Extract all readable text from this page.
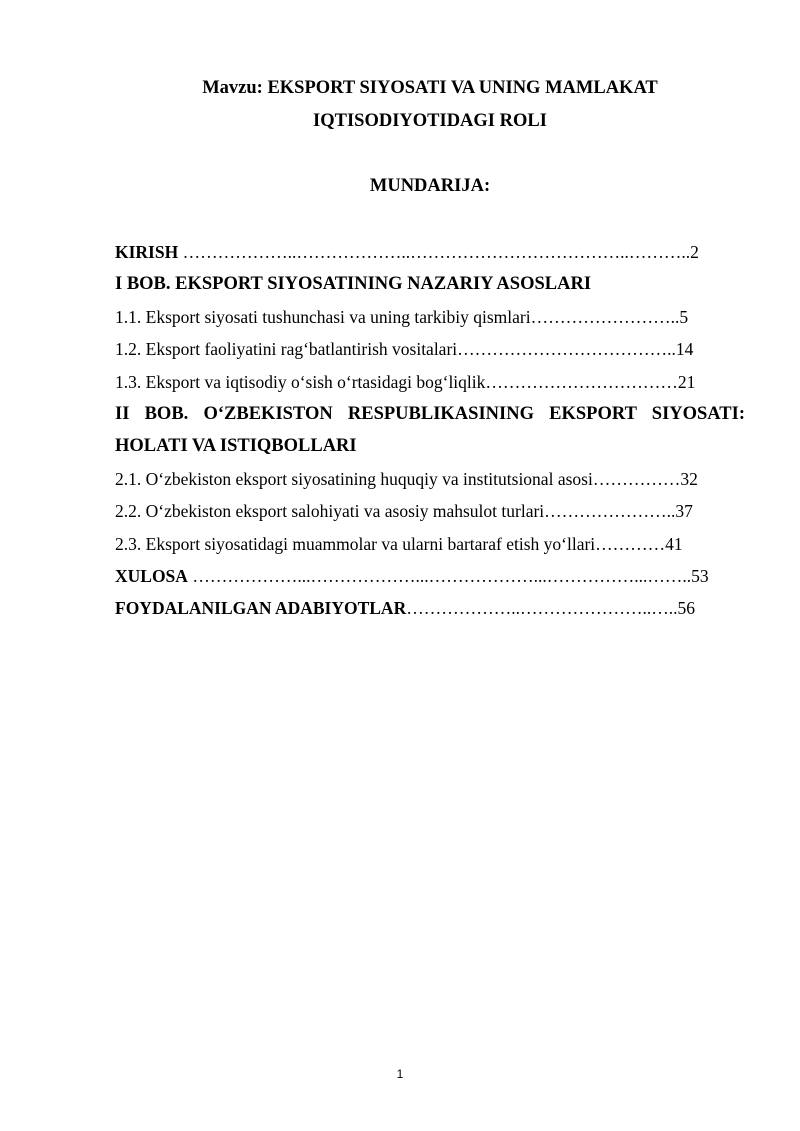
Mavzu: EKSPORT SIYOSATI VA UNING MAMLAKAT
IQTISODIYOTIDAGI ROLI
MUNDARIJA:
KIRISH ………………..………………..………………………………..………..2
I BOB. EKSPORT SIYOSATINING NAZARIY ASOSLARI
1.1. Eksport siyosati tushunchasi va uning tarkibiy qismlari……………………..5
1.2. Eksport faoliyatini rag‘batlantirish vositalari………………………………..14
1.3. Eksport va iqtisodiy o‘sish o‘rtasidagi bog‘liqlik……………………………21
II BOB. O‘ZBEKISTON RESPUBLIKASINING EKSPORT SIYOSATI:
HOLATI VA ISTIQBOLLARI
2.1. O‘zbekiston eksport siyosatining huquqiy va institutsional asosi……………32
2.2. O‘zbekiston eksport salohiyati va asosiy mahsulot turlari…………………..37
2.3. Eksport siyosatidagi muammolar va ularni bartaraf etish yo‘llari…………41
XULOSA ………………...………………...………………...……………...……..53
FOYDALANILGAN ADABIYOTLAR………………..…………………..…..56
1
